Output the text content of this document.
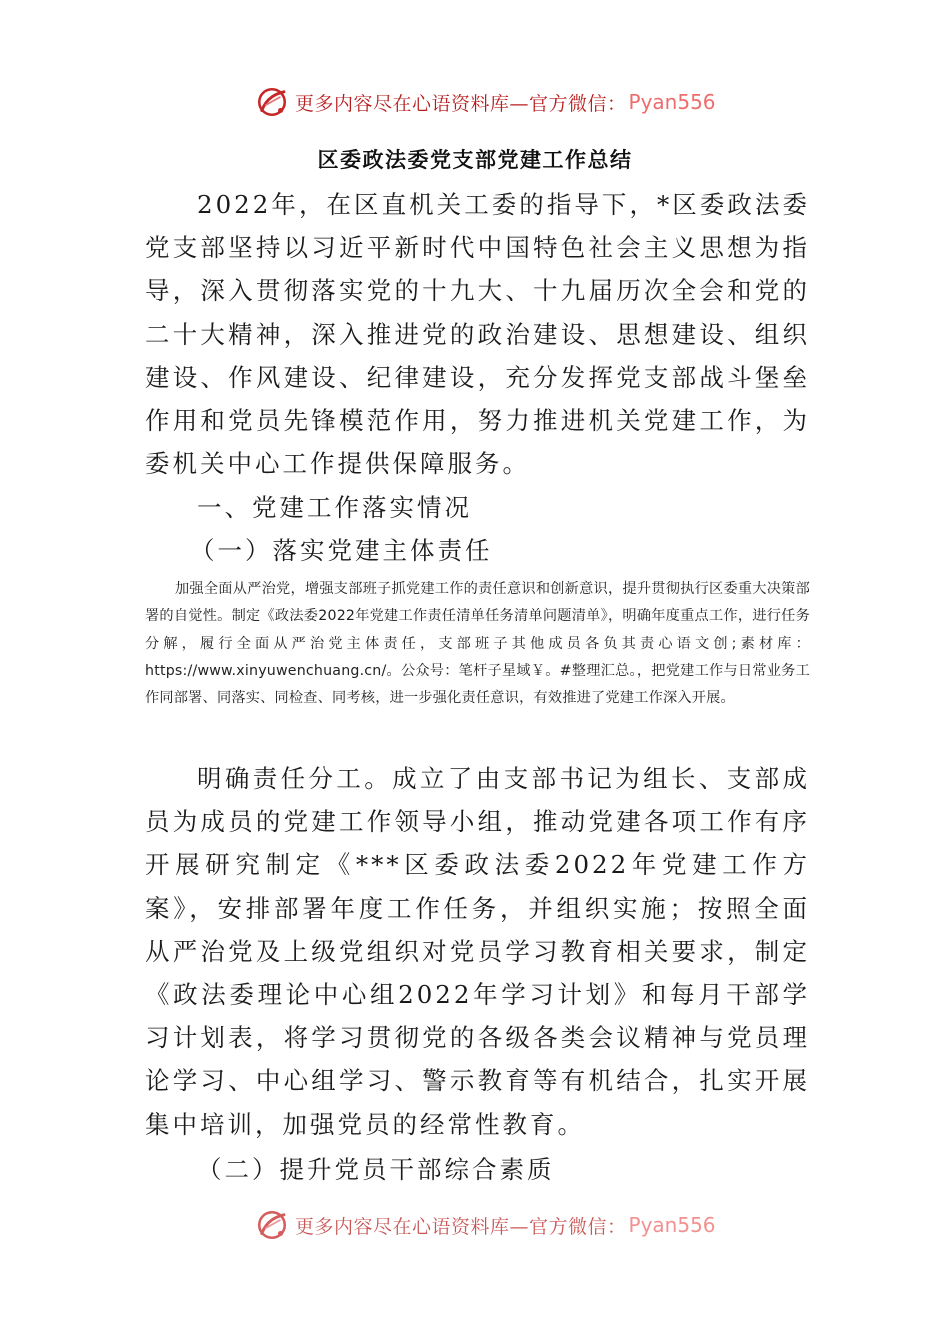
更多内容尽在心语资料库—官方微信： Pyan556
区委政法委党支部党建工作总结

2022年，在区直机关工委的指导下，*区委政法委党支部坚持以习近平新时代中国特色社会主义思想为指导，深入贯彻落实党的十九大、十九届历次全会和党的二十大精神，深入推进党的政治建设、思想建设、组织建设、作风建设、纪律建设，充分发挥党支部战斗堡垒作用和党员先锋模范作用，努力推进机关党建工作，为委机关中心工作提供保障服务。

一、党建工作落实情况

（一）落实党建主体责任

加强全面从严治党，增强支部班子抓党建工作的责任意识和创新意识，提升贯彻执行区委重大决策部署的自觉性。制定《政法委2022年党建工作责任清单任务清单问题清单》，明确年度重点工作，进行任务分解，履行全面从严治党主体责任，支部班子其他成员各负其责心语文创;素材库：https://www.xinyuwenchuang.cn/。公众号：笔杆子星域￥。#整理汇总。，把党建工作与日常业务工作同部署、同落实、同检查、同考核，进一步强化责任意识，有效推进了党建工作深入开展。

明确责任分工。成立了由支部书记为组长、支部成员为成员的党建工作领导小组，推动党建各项工作有序开展研究制定《***区委政法委2022年党建工作方案》，安排部署年度工作任务，并组织实施；按照全面从严治党及上级党组织对党员学习教育相关要求，制定《政法委理论中心组2022年学习计划》和每月干部学习计划表，将学习贯彻党的各级各类会议精神与党员理论学习、中心组学习、警示教育等有机结合，扎实开展集中培训，加强党员的经常性教育。

（二）提升党员干部综合素质

更多内容尽在心语资料库—官方微信： Pyan556
